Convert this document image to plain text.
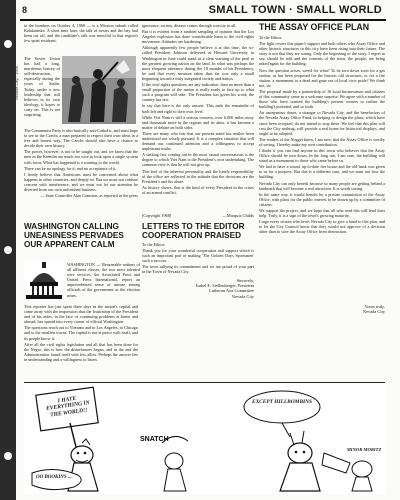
8	SMALL TOWN · SMALL WORLD
Nevada City · 1968

to the bombers on October 4, 1968 — is a Mission suburb called Kalakarinka. A short time later, the talk of towns and the bay had been cut off, and the candidate's talk was merciful to that region's few quiet residents.

The Soviet Union has had a long, murderous history of self-destruction, especially during the years of Stalin. Today, under a new leadership that still believes in its own ideology, it hopes to carry on. This is not surprising.

The Communist Party is also basically anti-Catholic, and must hope to see in the Czechs a man prepared to respect their own ideas in a free and honest way. The Czechs should also have a chance to decide their own history.

The power, however, is not to be sought out, and we know that the men in the Kremlin are much too wise to look upon a single system with favor. What has happened is a warning to the world.

There can be no apology for it, and no acceptance of it.

I firmly believe that Americans must be concerned about what happens in other countries, and deeply so. But we must not confuse concern with interference, and we must not let our attention be diverted from our own unfinished business.

— State Controller Alan Cranston, as reported in the press

WASHINGTON CALLING UNEASINESS PERVADES OUR APPARENT CALM

WASHINGTON — Reasonable nations of all affluent classes, the two most talented wire services, the Associated Press and United Press International, report an unprecedented sense of unease among officials of the government as the election nears.

This reporter has just spent three days in the nation's capital and came away with the impression that the frustration of the President and of his aides, in the face of continuing problems at home and abroad, has spread into every corner of official Washington.

The questions reach out to Vietnam and to Los Angeles, to Chicago and to the smallest towns. The capital is not at peace with itself, and its people know it.

After all the civil rights legislation and all that has been done for the Negro, this is how the disturbances began, and in the end the Administration found itself with few allies. Perhaps the answer lies in understanding and a willingness to listen.

ignorance, racism, disease comes through scarcity in all.

But it is evident from a random sampling of opinion that the Los Angeles explosion has done considerable harm to the civil rights movement. Attitudes are hardening.

Although apparently few people believe it at this time, the so-called President Johnson delivered at Howard University in Washington in June could stand as a clear warning of the peril to the greatest growing nation on the land. In what was perhaps the most eloquent utterance during the 18 months of his Presidency, he said that every measure taken thus far was only a small beginning toward a truly integrated society and nation.

If the civil rights questions are any indication, then no more than a small proportion of the nation is really ready to face up to what such a program will take. The President has given his word; the country has not.

to say that here is the only answer. This ends the remainder of both left and right to their own level.

While Viet Nam is still a serious concern, over 6,000 miles away and thousands more in the regions and its aims, it has become a matter of debate on both sides.

There are many who fear that our present stand has neither been understood nor wisely pursued. It is a complex situation that will demand our continued attention and a willingness to accept unpleasant truths.

A striking fact coming out in the most casual conversations is the degree to which Viet Nam is the President's own undertaking. The common view is that he will not give up.

This feel of the inherent personality and the lonely responsibility of the office are reflected in the attitude that the decisions are the President's and his alone.

As history shows, that is the kind of every President in the crises of an armed conflict.

[Copyright 1968]	—Marquis Childs
LETTERS TO THE EDITOR COOPERATION PRAISED

To the Editor:

Thank you for your wonderful cooperation and support which is such an important part of making 'The Golden Days Sportsmen' such a success.

The town rallying its commitment and we are proud of your part in the Town of Nevada City.

Sincerely,
Isabel E. Stellenberger, President
Lutheran Arts Committee
Nevada City
THE ASSAY OFFICE PLAN

To the Editor:

The light covers this paper's support and both others who Assay Office and other historic structures in this city have been rising into their future. The story is not that they are strong. Only the beginning of the story, I regret to say, should be told and the contents of the town, the people, are being asked again for the building.

Now the question arises, saved for what? To be torn down soon for a gas station, as has been proposed for the historic old structures, or for a fire station, a monument to a dead and gone era of local civic pride? We think not, sir.

The proposal made by a partnership of 16 local businessmen and citizens of this community came as a welcome surprise. We agree with a number of those who have wanted the building's present owners to realize the building's potential, and so forth.

An anonymous donor, a stranger to Nevada City, and the benefactors of the Nevada Assay Office Fund, in helping to design the plans, which have since been accepted, do not intend to stop there. We feel that this plan will cost the City nothing, will provide a real home for historical displays, and ought to be adopted.

The readers of the Nugget know, I am sure, that the Assay Office is worthy of saving. I hereby make my own contribution.

I doubt if you can find anyone in this town who believes that the Assay Office should be torn down. In the long run, I am sure, the building will stand as a monument to those who came before us.

We had to have a sound, up-to-date fire house and the old bank was given to us for a purpose. But this is a different case, and we must not lose the building.

Nevada City can only benefit because so many people are getting behind a landmark that will become a real attraction. It is worth saving.

In the same way, it would benefit by a private commission of the Assay Office, with plans for the public interest to be drawn up by a committee of citizens.

We support the project, and we hope that all who read this will lend their help. Truly, it is a sign of the town's growing maturity.

I urge every citizen who loves Nevada City to give a hand to this plan, and to let the City Council know that they would not approve of a decision other than to save the Assay Office from destruction.

Yours truly,
Nevada City
SNATCH
I HATE EVERYTHING IN THE WORLD!!
OO BOOKINS ...
EXCEPT HILLBOMBINS
MINOR MORITZ
